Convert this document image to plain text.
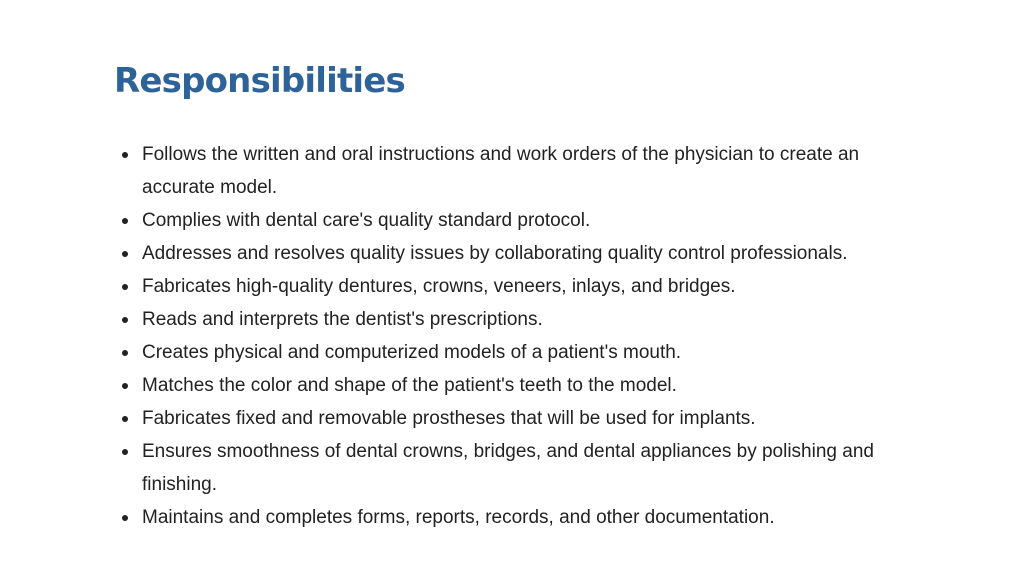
Responsibilities
Follows the written and oral instructions and work orders of the physician to create an accurate model.
Complies with dental care's quality standard protocol.
Addresses and resolves quality issues by collaborating quality control professionals.
Fabricates high-quality dentures, crowns, veneers, inlays, and bridges.
Reads and interprets the dentist's prescriptions.
Creates physical and computerized models of a patient's mouth.
Matches the color and shape of the patient's teeth to the model.
Fabricates fixed and removable prostheses that will be used for implants.
Ensures smoothness of dental crowns, bridges, and dental appliances by polishing and finishing.
Maintains and completes forms, reports, records, and other documentation.
